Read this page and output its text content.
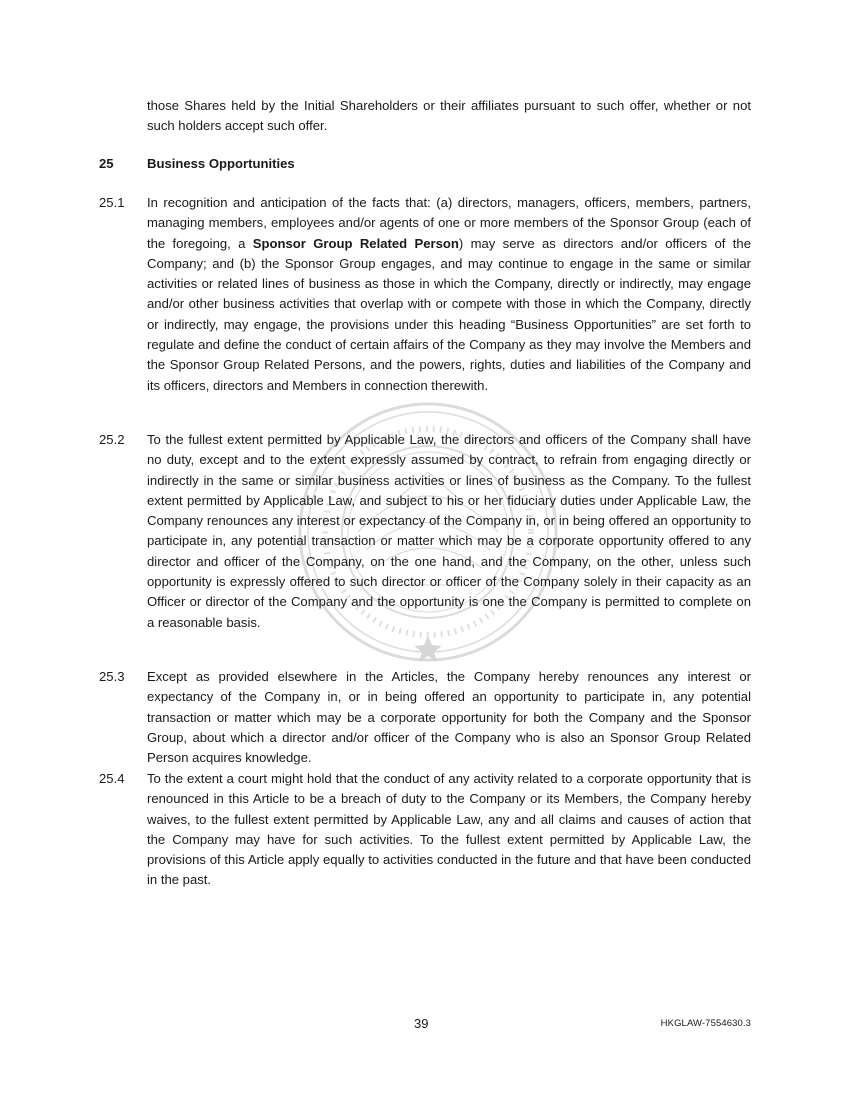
those Shares held by the Initial Shareholders or their affiliates pursuant to such offer, whether or not such holders accept such offer.
25	Business Opportunities
25.1 In recognition and anticipation of the facts that: (a) directors, managers, officers, members, partners, managing members, employees and/or agents of one or more members of the Sponsor Group (each of the foregoing, a Sponsor Group Related Person) may serve as directors and/or officers of the Company; and (b) the Sponsor Group engages, and may continue to engage in the same or similar activities or related lines of business as those in which the Company, directly or indirectly, may engage and/or other business activities that overlap with or compete with those in which the Company, directly or indirectly, may engage, the provisions under this heading “Business Opportunities” are set forth to regulate and define the conduct of certain affairs of the Company as they may involve the Members and the Sponsor Group Related Persons, and the powers, rights, duties and liabilities of the Company and its officers, directors and Members in connection therewith.
25.2 To the fullest extent permitted by Applicable Law, the directors and officers of the Company shall have no duty, except and to the extent expressly assumed by contract, to refrain from engaging directly or indirectly in the same or similar business activities or lines of business as the Company. To the fullest extent permitted by Applicable Law, and subject to his or her fiduciary duties under Applicable Law, the Company renounces any interest or expectancy of the Company in, or in being offered an opportunity to participate in, any potential transaction or matter which may be a corporate opportunity offered to any director and officer of the Company, on the one hand, and the Company, on the other, unless such opportunity is expressly offered to such director or officer of the Company solely in their capacity as an Officer or director of the Company and the opportunity is one the Company is permitted to complete on a reasonable basis.
25.3 Except as provided elsewhere in the Articles, the Company hereby renounces any interest or expectancy of the Company in, or in being offered an opportunity to participate in, any potential transaction or matter which may be a corporate opportunity for both the Company and the Sponsor Group, about which a director and/or officer of the Company who is also an Sponsor Group Related Person acquires knowledge.
25.4 To the extent a court might hold that the conduct of any activity related to a corporate opportunity that is renounced in this Article to be a breach of duty to the Company or its Members, the Company hereby waives, to the fullest extent permitted by Applicable Law, any and all claims and causes of action that the Company may have for such activities. To the fullest extent permitted by Applicable Law, the provisions of this Article apply equally to activities conducted in the future and that have been conducted in the past.
39	HKGLAW-7554630.3
